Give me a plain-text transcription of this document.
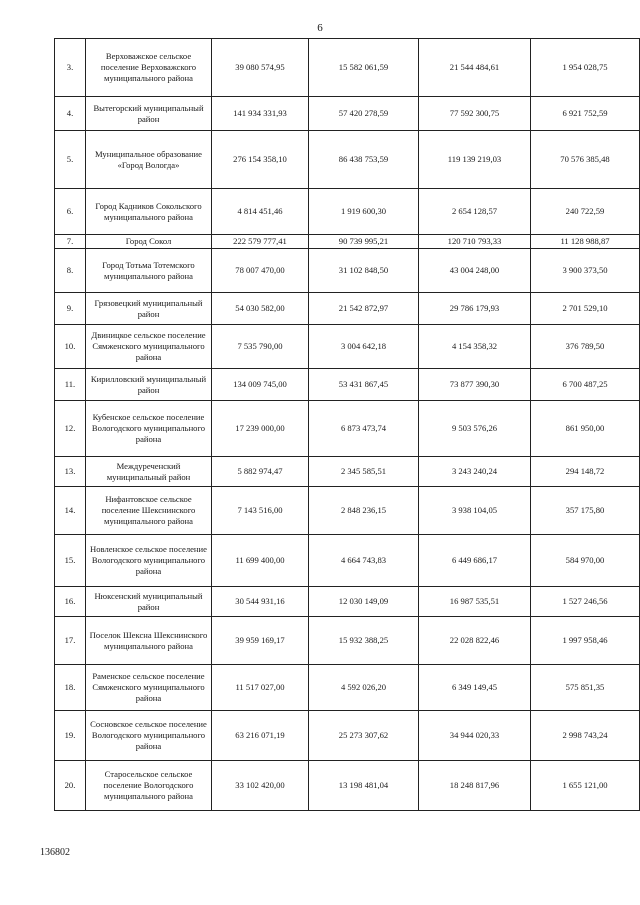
6
3.	Верховажское сельское поселение Верховажского муниципального района	39 080 574,95	15 582 061,59	21 544 484,61	1 954 028,75
4.	Вытегорский муниципальный район	141 934 331,93	57 420 278,59	77 592 300,75	6 921 752,59
5.	Муниципальное образование «Город Вологда»	276 154 358,10	86 438 753,59	119 139 219,03	70 576 385,48
6.	Город Кадников Сокольского муниципального района	4 814 451,46	1 919 600,30	2 654 128,57	240 722,59
7.	Город Сокол	222 579 777,41	90 739 995,21	120 710 793,33	11 128 988,87
8.	Город Тотьма Тотемского муниципального района	78 007 470,00	31 102 848,50	43 004 248,00	3 900 373,50
9.	Грязовецкий муниципальный район	54 030 582,00	21 542 872,97	29 786 179,93	2 701 529,10
10.	Двиницкое сельское поселение Сямженского муниципального района	7 535 790,00	3 004 642,18	4 154 358,32	376 789,50
11.	Кирилловский муниципальный район	134 009 745,00	53 431 867,45	73 877 390,30	6 700 487,25
12.	Кубенское сельское поселение Вологодского муниципального района	17 239 000,00	6 873 473,74	9 503 576,26	861 950,00
13.	Междуреченский муниципальный район	5 882 974,47	2 345 585,51	3 243 240,24	294 148,72
14.	Нифантовское сельское поселение Шекснинского муниципального района	7 143 516,00	2 848 236,15	3 938 104,05	357 175,80
15.	Новленское сельское поселение Вологодского муниципального района	11 699 400,00	4 664 743,83	6 449 686,17	584 970,00
16.	Нюксенский муниципальный район	30 544 931,16	12 030 149,09	16 987 535,51	1 527 246,56
17.	Поселок Шексна Шекснинского муниципального района	39 959 169,17	15 932 388,25	22 028 822,46	1 997 958,46
18.	Раменское сельское поселение Сямженского муниципального района	11 517 027,00	4 592 026,20	6 349 149,45	575 851,35
19.	Сосновское сельское поселение Вологодского муниципального района	63 216 071,19	25 273 307,62	34 944 020,33	2 998 743,24
20.	Старосельское сельское поселение Вологодского муниципального района	33 102 420,00	13 198 481,04	18 248 817,96	1 655 121,00
136802
